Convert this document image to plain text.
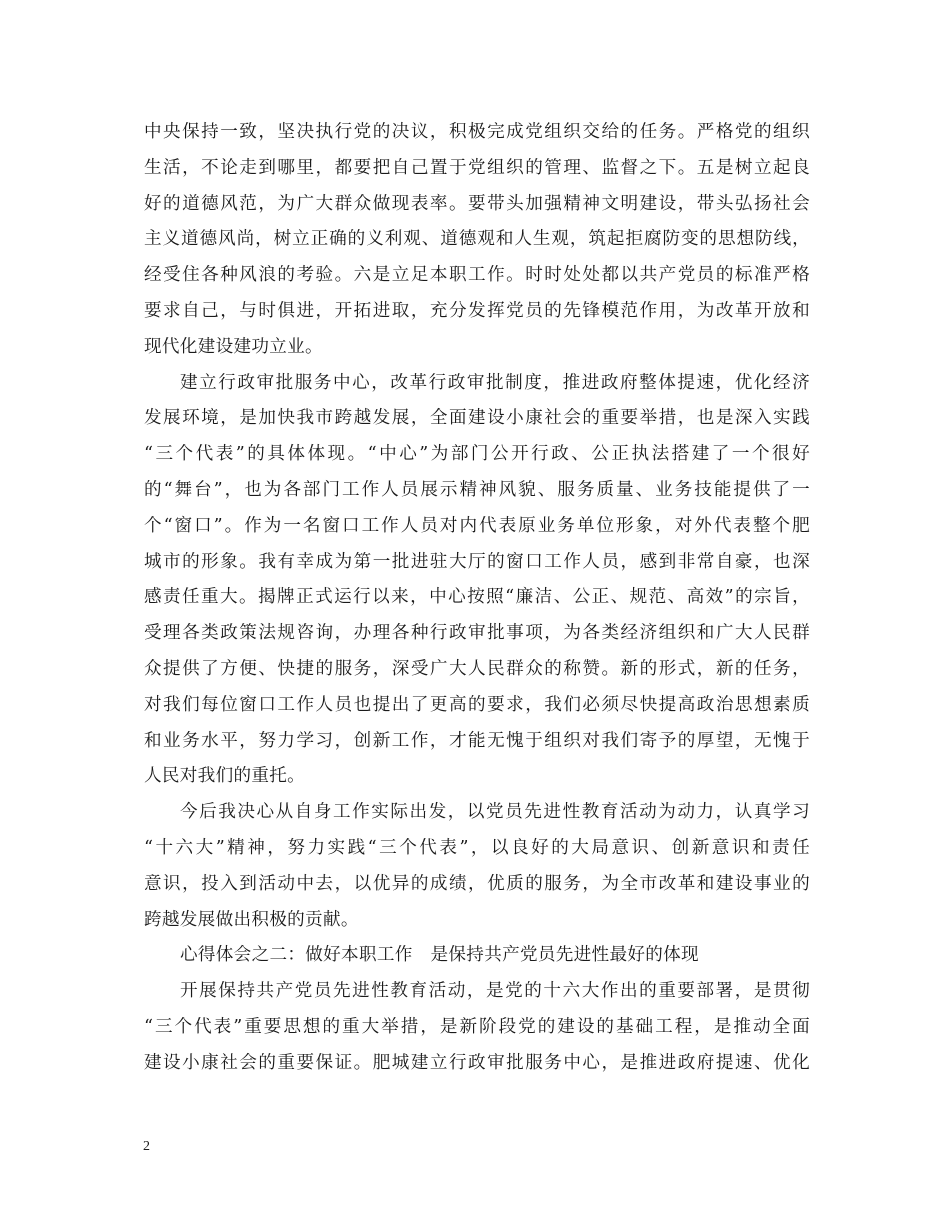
中央保持一致，坚决执行党的决议，积极完成党组织交给的任务。严格党的组织
生活，不论走到哪里，都要把自己置于党组织的管理、监督之下。五是树立起良
好的道德风范，为广大群众做现表率。要带头加强精神文明建设，带头弘扬社会
主义道德风尚，树立正确的义利观、道德观和人生观，筑起拒腐防变的思想防线，
经受住各种风浪的考验。六是立足本职工作。时时处处都以共产党员的标准严格
要求自己，与时俱进，开拓进取，充分发挥党员的先锋模范作用，为改革开放和
现代化建设建功立业。
建立行政审批服务中心，改革行政审批制度，推进政府整体提速，优化经济
发展环境，是加快我市跨越发展，全面建设小康社会的重要举措，也是深入实践
“三个代表”的具体体现。“中心”为部门公开行政、公正执法搭建了一个很好
的“舞台”，也为各部门工作人员展示精神风貌、服务质量、业务技能提供了一
个“窗口”。作为一名窗口工作人员对内代表原业务单位形象，对外代表整个肥
城市的形象。我有幸成为第一批进驻大厅的窗口工作人员，感到非常自豪，也深
感责任重大。揭牌正式运行以来，中心按照“廉洁、公正、规范、高效”的宗旨，
受理各类政策法规咨询，办理各种行政审批事项，为各类经济组织和广大人民群
众提供了方便、快捷的服务，深受广大人民群众的称赞。新的形式，新的任务，
对我们每位窗口工作人员也提出了更高的要求，我们必须尽快提高政治思想素质
和业务水平，努力学习，创新工作，才能无愧于组织对我们寄予的厚望，无愧于
人民对我们的重托。
今后我决心从自身工作实际出发，以党员先进性教育活动为动力，认真学习
“十六大”精神，努力实践“三个代表”，以良好的大局意识、创新意识和责任
意识，投入到活动中去，以优异的成绩，优质的服务，为全市改革和建设事业的
跨越发展做出积极的贡献。
心得体会之二：做好本职工作　是保持共产党员先进性最好的体现
开展保持共产党员先进性教育活动，是党的十六大作出的重要部署，是贯彻
“三个代表”重要思想的重大举措，是新阶段党的建设的基础工程，是推动全面
建设小康社会的重要保证。肥城建立行政审批服务中心，是推进政府提速、优化
2
